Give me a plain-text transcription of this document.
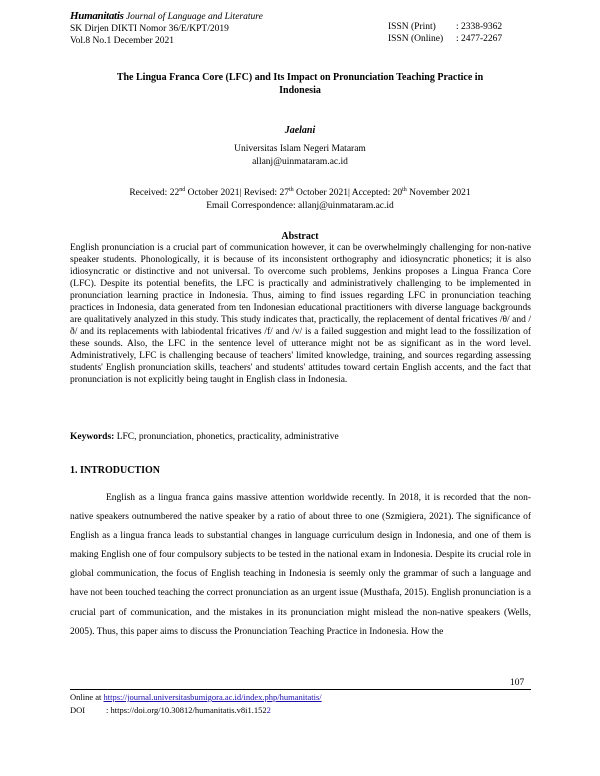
Humanitatis Journal of Language and Literature
SK Dirjen DIKTI Nomor 36/E/KPT/2019
Vol.8 No.1 December 2021
ISSN (Print)	: 2338-9362
ISSN (Online)	: 2477-2267
The Lingua Franca Core (LFC) and Its Impact on Pronunciation Teaching Practice in
Indonesia
Jaelani
Universitas Islam Negeri Mataram
allanj@uinmataram.ac.id
Received: 22nd October 2021| Revised: 27th October 2021| Accepted: 20th November 2021
Email Correspondence: allanj@uinmataram.ac.id
Abstract
English pronunciation is a crucial part of communication however, it can be overwhelmingly challenging for non-native speaker students. Phonologically, it is because of its inconsistent orthography and idiosyncratic phonetics; it is also idiosyncratic or distinctive and not universal. To overcome such problems, Jenkins proposes a Lingua Franca Core (LFC). Despite its potential benefits, the LFC is practically and administratively challenging to be implemented in pronunciation learning practice in Indonesia. Thus, aiming to find issues regarding LFC in pronunciation teaching practices in Indonesia, data generated from ten Indonesian educational practitioners with diverse language backgrounds are qualitatively analyzed in this study. This study indicates that, practically, the replacement of dental fricatives /θ/ and /ð/ and its replacements with labiodental fricatives /f/ and /v/ is a failed suggestion and might lead to the fossilization of these sounds. Also, the LFC in the sentence level of utterance might not be as significant as in the word level. Administratively, LFC is challenging because of teachers' limited knowledge, training, and sources regarding assessing students' English pronunciation skills, teachers' and students' attitudes toward certain English accents, and the fact that pronunciation is not explicitly being taught in English class in Indonesia.
Keywords: LFC, pronunciation, phonetics, practicality, administrative
1. INTRODUCTION
English as a lingua franca gains massive attention worldwide recently. In 2018, it is recorded that the non-native speakers outnumbered the native speaker by a ratio of about three to one (Szmigiera, 2021). The significance of English as a lingua franca leads to substantial changes in language curriculum design in Indonesia, and one of them is making English one of four compulsory subjects to be tested in the national exam in Indonesia. Despite its crucial role in global communication, the focus of English teaching in Indonesia is seemly only the grammar of such a language and have not been touched teaching the correct pronunciation as an urgent issue (Musthafa, 2015). English pronunciation is a crucial part of communication, and the mistakes in its pronunciation might mislead the non-native speakers (Wells, 2005). Thus, this paper aims to discuss the Pronunciation Teaching Practice in Indonesia. How the
107
Online at https://journal.universitasbumigora.ac.id/index.php/humanitatis/
DOI : https://doi.org/10.30812/humanitatis.v8i1.1522
